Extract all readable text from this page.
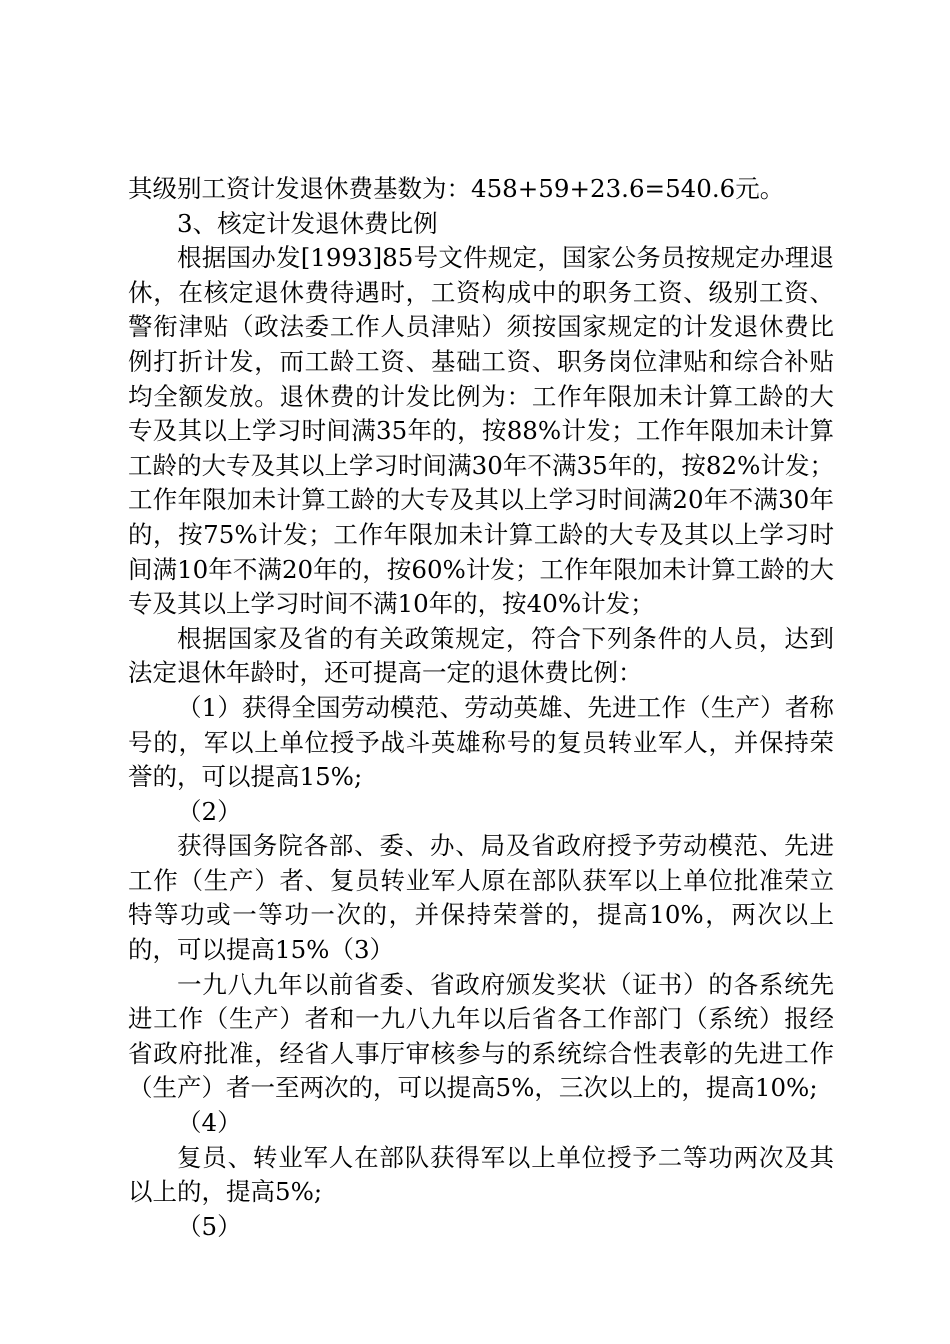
其级别工资计发退休费基数为：458+59+23.6=540.6元。

3、核定计发退休费比例

根据国办发[1993]85号文件规定，国家公务员按规定办理退休，在核定退休费待遇时，工资构成中的职务工资、级别工资、警衔津贴（政法委工作人员津贴）须按国家规定的计发退休费比例打折计发，而工龄工资、基础工资、职务岗位津贴和综合补贴均全额发放。退休费的计发比例为：工作年限加未计算工龄的大专及其以上学习时间满35年的，按88%计发；工作年限加未计算工龄的大专及其以上学习时间满30年不满35年的，按82%计发；工作年限加未计算工龄的大专及其以上学习时间满20年不满30年的，按75%计发；工作年限加未计算工龄的大专及其以上学习时间满10年不满20年的，按60%计发；工作年限加未计算工龄的大专及其以上学习时间不满10年的，按40%计发；

根据国家及省的有关政策规定，符合下列条件的人员，达到法定退休年龄时，还可提高一定的退休费比例：

（1）获得全国劳动模范、劳动英雄、先进工作（生产）者称号的，军以上单位授予战斗英雄称号的复员转业军人，并保持荣誉的，可以提高15%;

（2）

获得国务院各部、委、办、局及省政府授予劳动模范、先进工作（生产）者、复员转业军人原在部队获军以上单位批准荣立特等功或一等功一次的，并保持荣誉的，提高10%，两次以上的，可以提高15%（3）

一九八九年以前省委、省政府颁发奖状（证书）的各系统先进工作（生产）者和一九八九年以后省各工作部门（系统）报经省政府批准，经省人事厅审核参与的系统综合性表彰的先进工作（生产）者一至两次的，可以提高5%，三次以上的，提高10%;

（4）

复员、转业军人在部队获得军以上单位授予二等功两次及其以上的，提高5%;

（5）
